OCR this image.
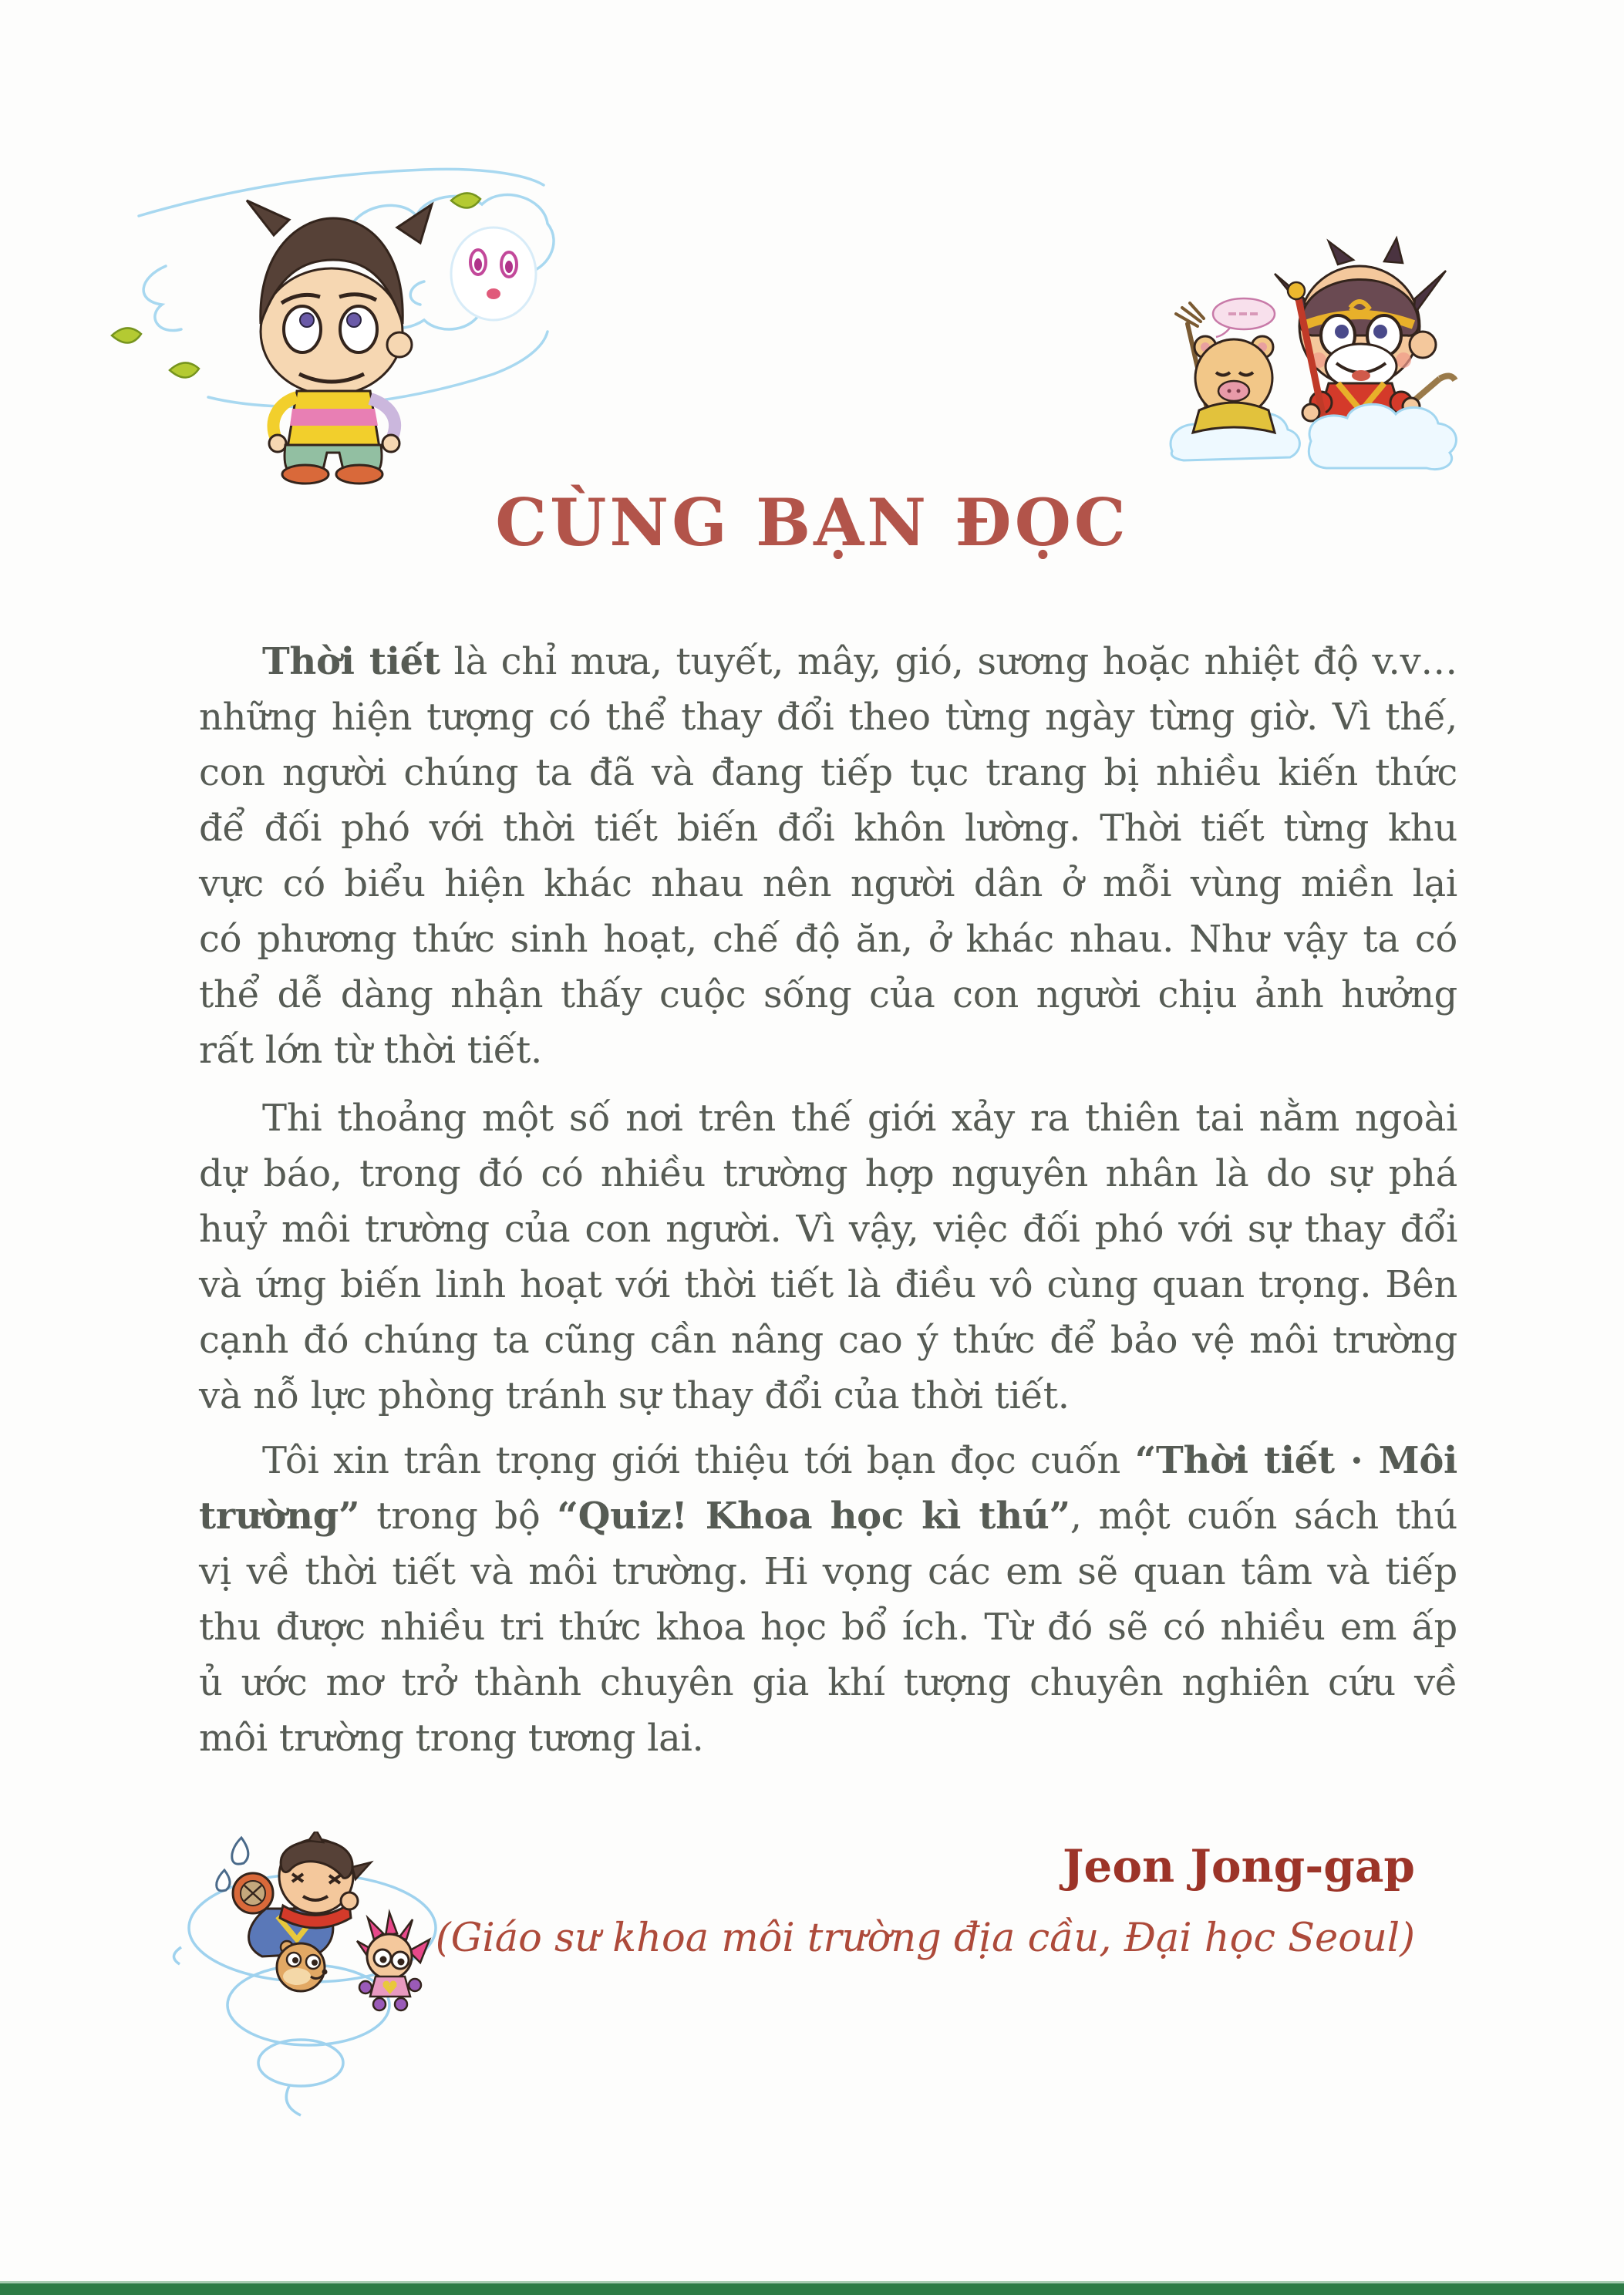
CÙNG BẠN ĐỌC
Thời tiết là chỉ mưa, tuyết, mây, gió, sương hoặc nhiệt độ v.v…
những hiện tượng có thể thay đổi theo từng ngày từng giờ. Vì thế,
con người chúng ta đã và đang tiếp tục trang bị nhiều kiến thức
để đối phó với thời tiết biến đổi khôn lường. Thời tiết từng khu
vực có biểu hiện khác nhau nên người dân ở mỗi vùng miền lại
có phương thức sinh hoạt, chế độ ăn, ở khác nhau. Như vậy ta có
thể dễ dàng nhận thấy cuộc sống của con người chịu ảnh hưởng
rất lớn từ thời tiết.
Thi thoảng một số nơi trên thế giới xảy ra thiên tai nằm ngoài
dự báo, trong đó có nhiều trường hợp nguyên nhân là do sự phá
huỷ môi trường của con người. Vì vậy, việc đối phó với sự thay đổi
và ứng biến linh hoạt với thời tiết là điều vô cùng quan trọng. Bên
cạnh đó chúng ta cũng cần nâng cao ý thức để bảo vệ môi trường
và nỗ lực phòng tránh sự thay đổi của thời tiết.
Tôi xin trân trọng giới thiệu tới bạn đọc cuốn “Thời tiết · Môi
trường” trong bộ “Quiz! Khoa học kì thú”, một cuốn sách thú
vị về thời tiết và môi trường. Hi vọng các em sẽ quan tâm và tiếp
thu được nhiều tri thức khoa học bổ ích. Từ đó sẽ có nhiều em ấp
ủ ước mơ trở thành chuyên gia khí tượng chuyên nghiên cứu về
môi trường trong tương lai.
Jeon Jong-gap
(Giáo sư khoa môi trường địa cầu, Đại học Seoul)
